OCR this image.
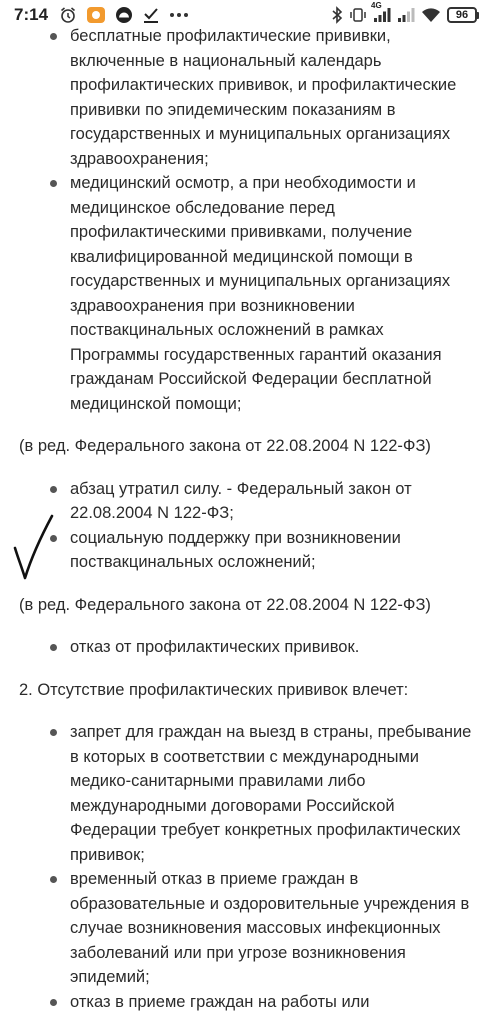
7:14	4G
96
бесплатные профилактические прививки, включенные в национальный календарь профилактических прививок, и профилактические прививки по эпидемическим показаниям в государственных и муниципальных организациях здравоохранения;
медицинский осмотр, а при необходимости и медицинское обследование перед профилактическими прививками, получение квалифицированной медицинской помощи в государственных и муниципальных организациях здравоохранения при возникновении поствакцинальных осложнений в рамках Программы государственных гарантий оказания гражданам Российской Федерации бесплатной медицинской помощи;
(в ред. Федерального закона от 22.08.2004 N 122-ФЗ)
абзац утратил силу. - Федеральный закон от 22.08.2004 N 122-ФЗ;
социальную поддержку при возникновении поствакцинальных осложнений;
(в ред. Федерального закона от 22.08.2004 N 122-ФЗ)
отказ от профилактических прививок.
2. Отсутствие профилактических прививок влечет:
запрет для граждан на выезд в страны, пребывание в которых в соответствии с международными медико-санитарными правилами либо международными договорами Российской Федерации требует конкретных профилактических прививок;
временный отказ в приеме граждан в образовательные и оздоровительные учреждения в случае возникновения массовых инфекционных заболеваний или при угрозе возникновения эпидемий;
отказ в приеме граждан на работы или
